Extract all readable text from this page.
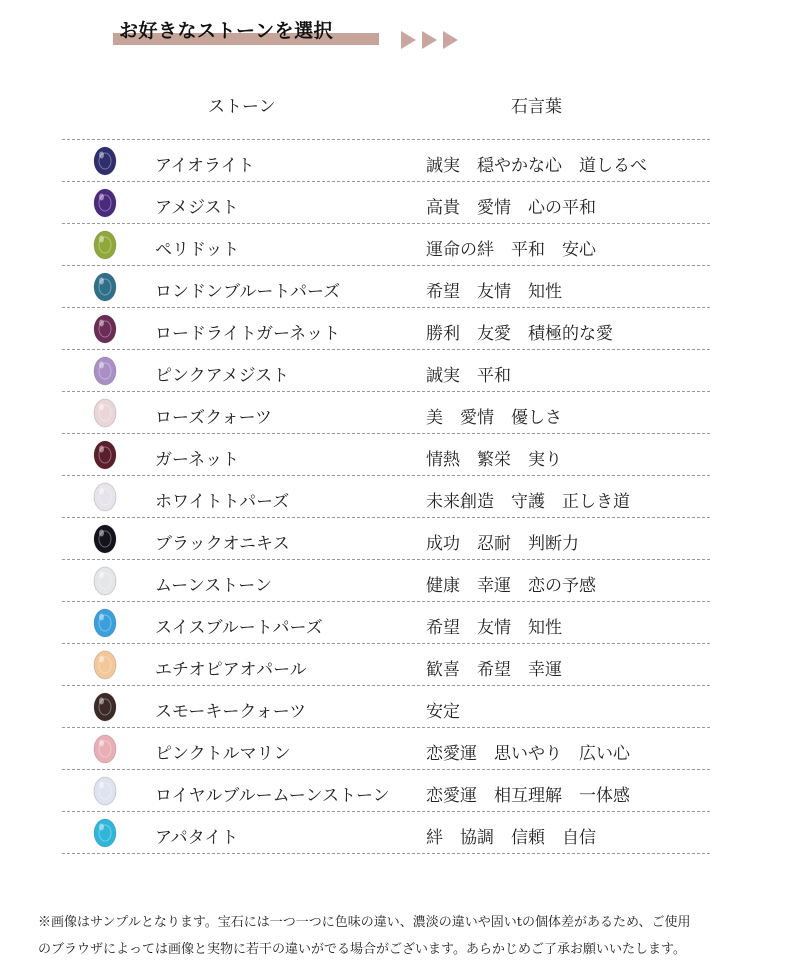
お好きなストーンを選択
ストーン	石言葉
アイオライト	誠実　穏やかな心　道しるべ
アメジスト	高貴　愛情　心の平和
ペリドット	運命の絆　平和　安心
ロンドンブルートパーズ	希望　友情　知性
ロードライトガーネット	勝利　友愛　積極的な愛
ピンクアメジスト	誠実　平和
ローズクォーツ	美　愛情　優しさ
ガーネット	情熱　繁栄　実り
ホワイトトパーズ	未来創造　守護　正しき道
ブラックオニキス	成功　忍耐　判断力
ムーンストーン	健康　幸運　恋の予感
スイスブルートパーズ	希望　友情　知性
エチオピアオパール	歓喜　希望　幸運
スモーキークォーツ	安定
ピンクトルマリン	恋愛運　思いやり　広い心
ロイヤルブルームーンストーン 恋愛運　相互理解　一体感
アパタイト	絆　協調　信頼　自信
※画像はサンプルとなります。宝石には一つ一つに色味の違い、濃淡の違いや固いtの個体差があるため、ご使用
のブラウザによっては画像と実物に若干の違いがでる場合がございます。あらかじめご了承お願いいたします。
